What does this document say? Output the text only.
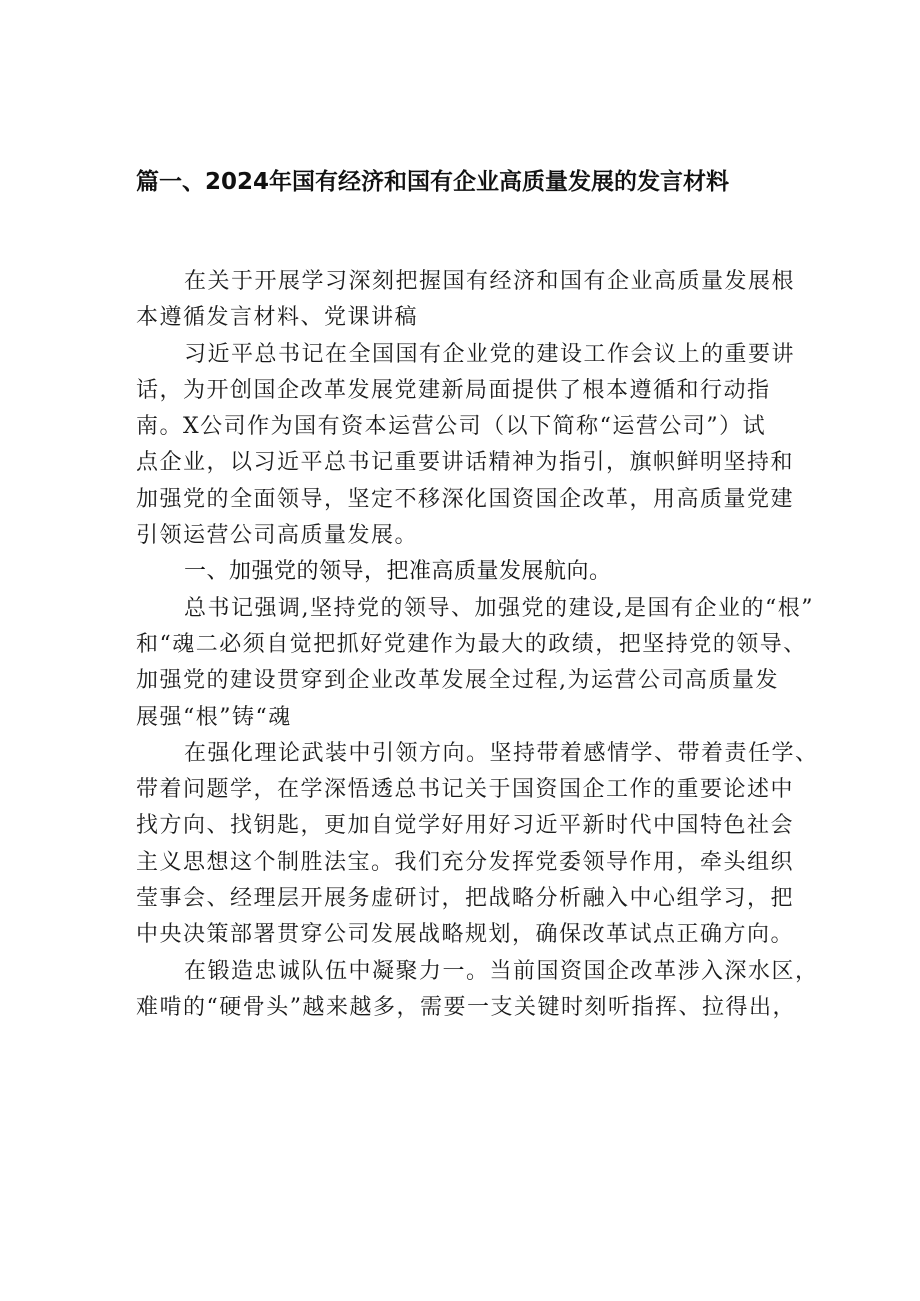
篇一、2024年国有经济和国有企业高质量发展的发言材料

在关于开展学习深刻把握国有经济和国有企业高质量发展根
本遵循发言材料、党课讲稿

习近平总书记在全国国有企业党的建设工作会议上的重要讲
话，为开创国企改革发展党建新局面提供了根本遵循和行动指
南。X公司作为国有资本运营公司（以下简称“运营公司”）试
点企业，以习近平总书记重要讲话精神为指引，旗帜鲜明坚持和
加强党的全面领导，坚定不移深化国资国企改革，用高质量党建
引领运营公司高质量发展。

一、加强党的领导，把准高质量发展航向。

总书记强调,坚持党的领导、加强党的建设,是国有企业的“根”
和“魂二必须自觉把抓好党建作为最大的政绩，把坚持党的领导、
加强党的建设贯穿到企业改革发展全过程,为运营公司高质量发
展强“根”铸“魂

在强化理论武装中引领方向。坚持带着感情学、带着责任学、
带着问题学，在学深悟透总书记关于国资国企工作的重要论述中
找方向、找钥匙，更加自觉学好用好习近平新时代中国特色社会
主义思想这个制胜法宝。我们充分发挥党委领导作用，牵头组织
莹事会、经理层开展务虚研讨，把战略分析融入中心组学习，把
中央决策部署贯穿公司发展战略规划，确保改革试点正确方向。

在锻造忠诚队伍中凝聚力一。当前国资国企改革涉入深水区，
难啃的“硬骨头”越来越多，需要一支关键时刻听指挥、拉得出，
